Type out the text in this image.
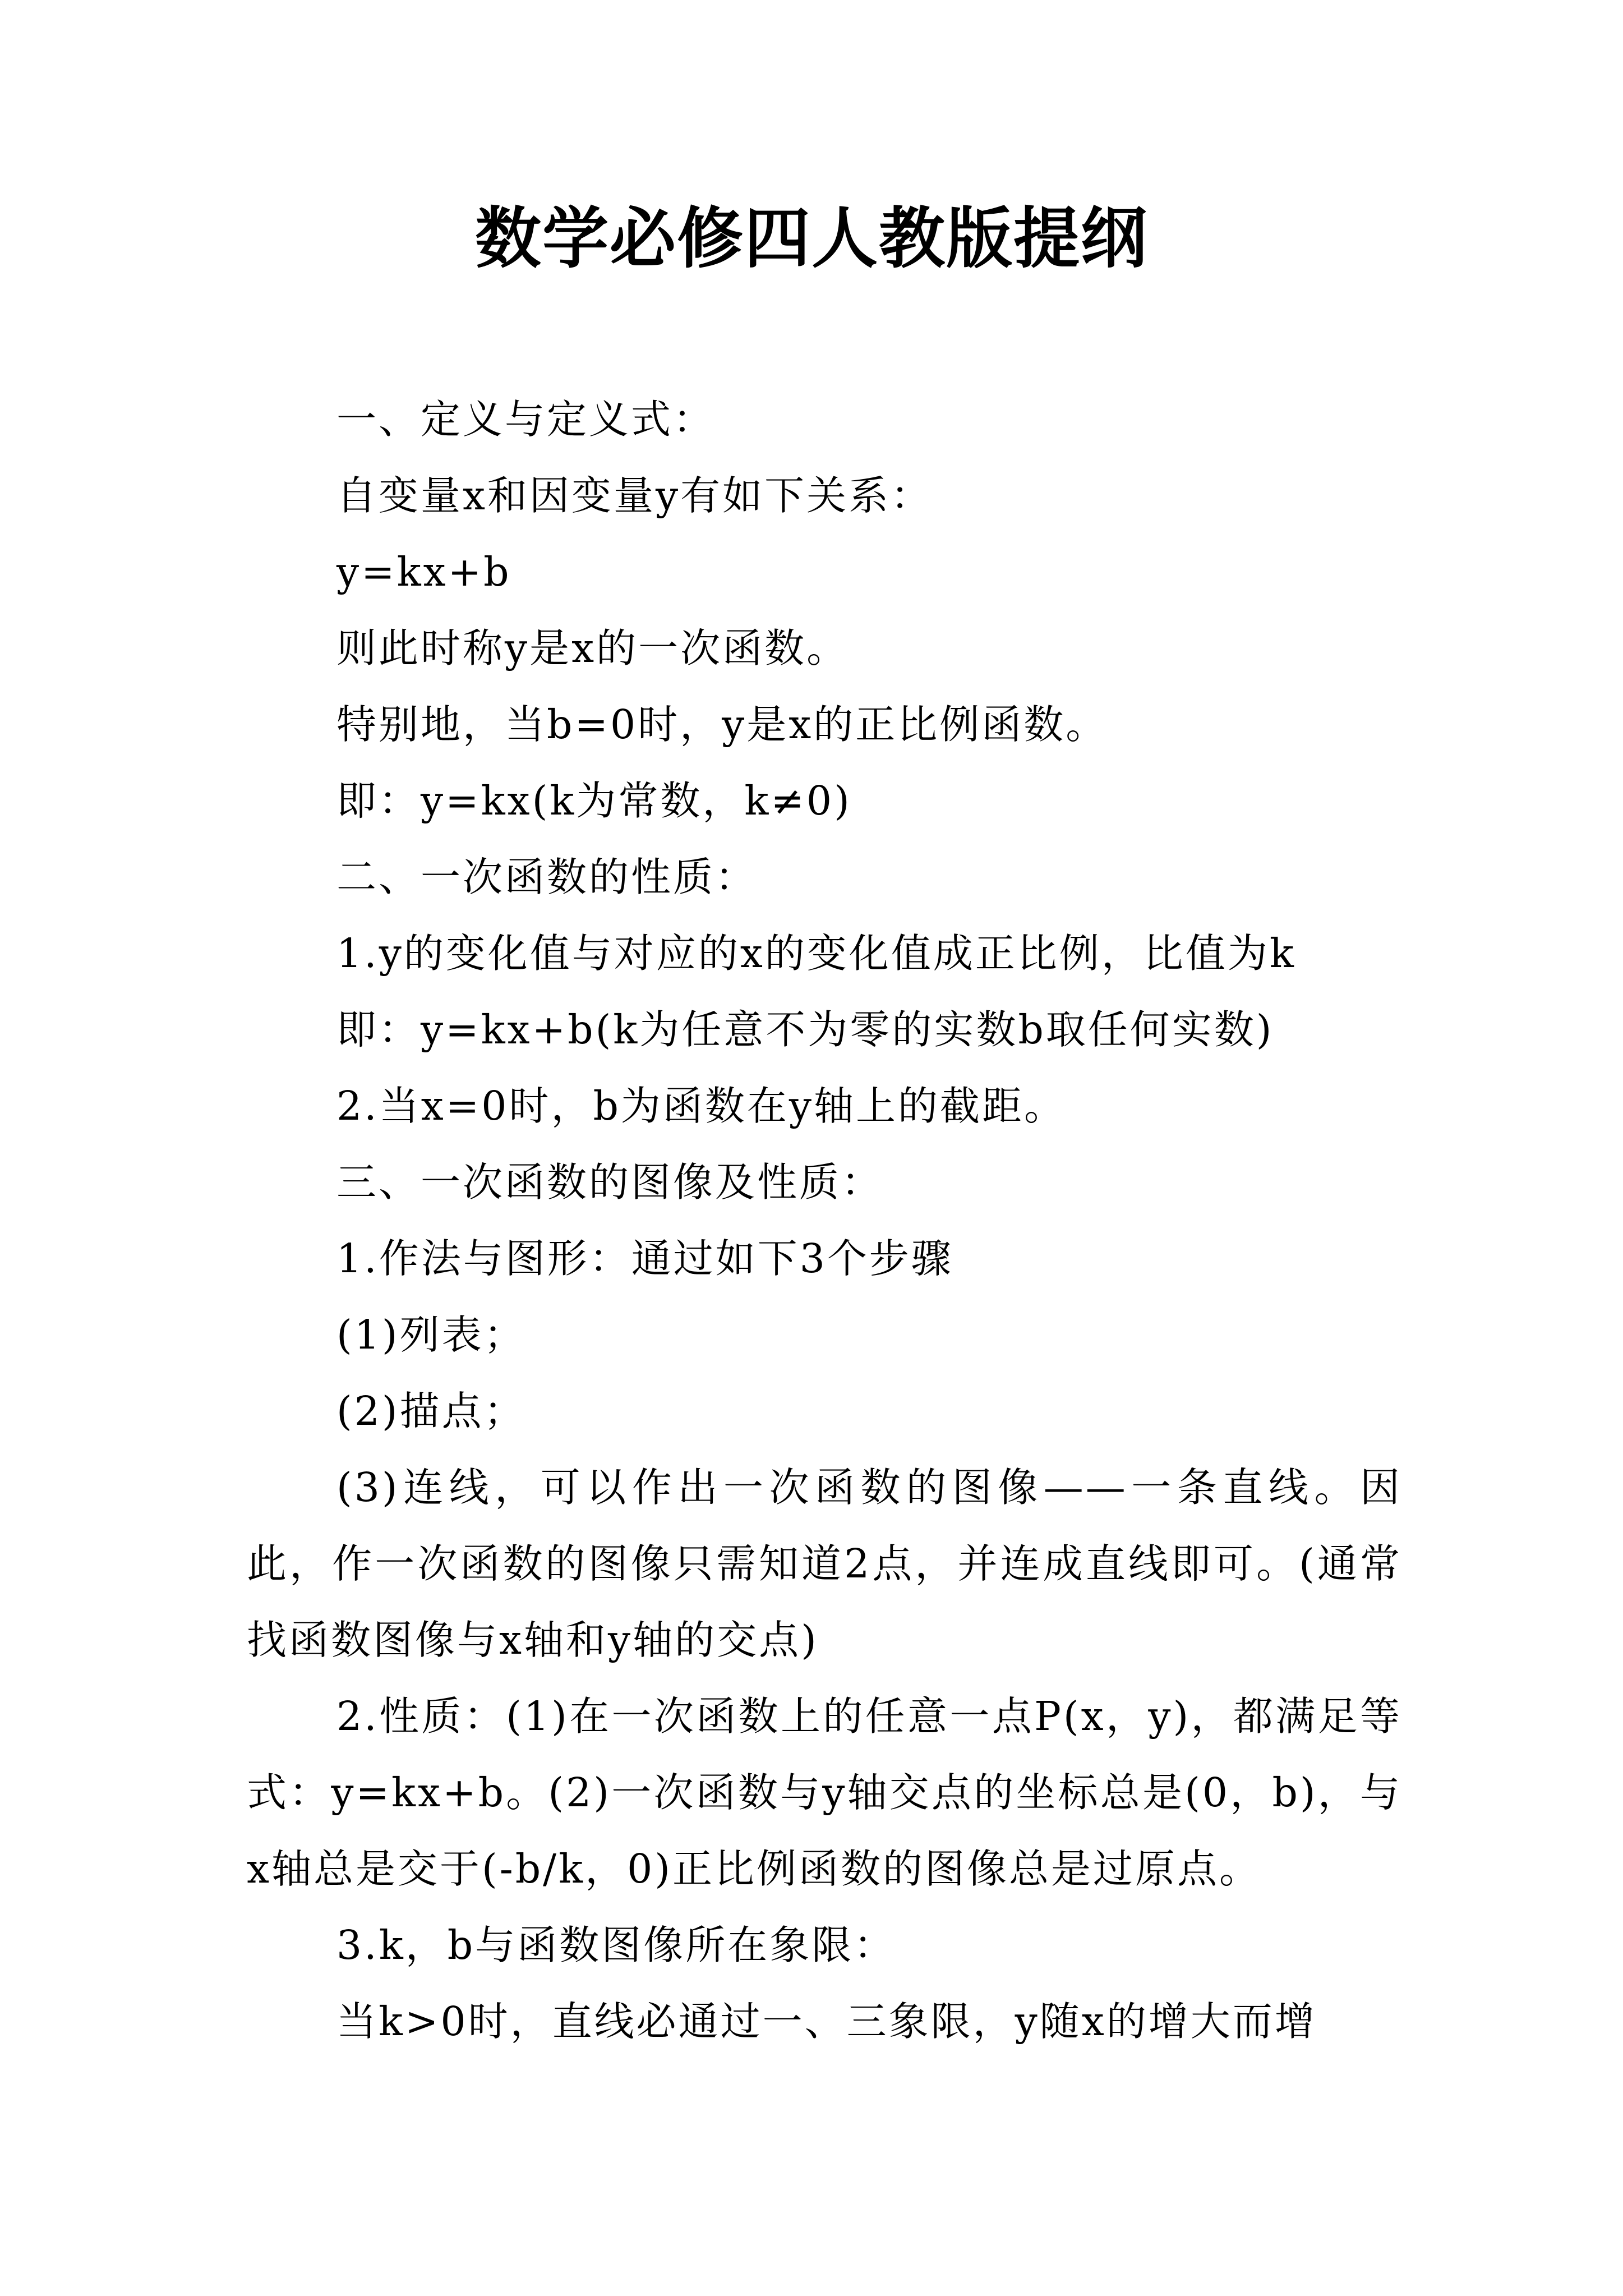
数学必修四人教版提纲
一、定义与定义式：
自变量x和因变量y有如下关系：
y=kx+b
则此时称y是x的一次函数。
特别地，当b=0时，y是x的正比例函数。
即：y=kx(k为常数，k≠0)
二、一次函数的性质：
1.y的变化值与对应的x的变化值成正比例，比值为k
即：y=kx+b(k为任意不为零的实数b取任何实数)
2.当x=0时，b为函数在y轴上的截距。
三、一次函数的图像及性质：
1.作法与图形：通过如下3个步骤
(1)列表；
(2)描点；
(3)连线，可以作出一次函数的图像——一条直线。因此，作一次函数的图像只需知道2点，并连成直线即可。(通常找函数图像与x轴和y轴的交点)
2.性质：(1)在一次函数上的任意一点P(x，y)，都满足等式：y=kx+b。(2)一次函数与y轴交点的坐标总是(0，b)，与x轴总是交于(-b/k，0)正比例函数的图像总是过原点。
3.k，b与函数图像所在象限：
当k>0时，直线必通过一、三象限，y随x的增大而增
